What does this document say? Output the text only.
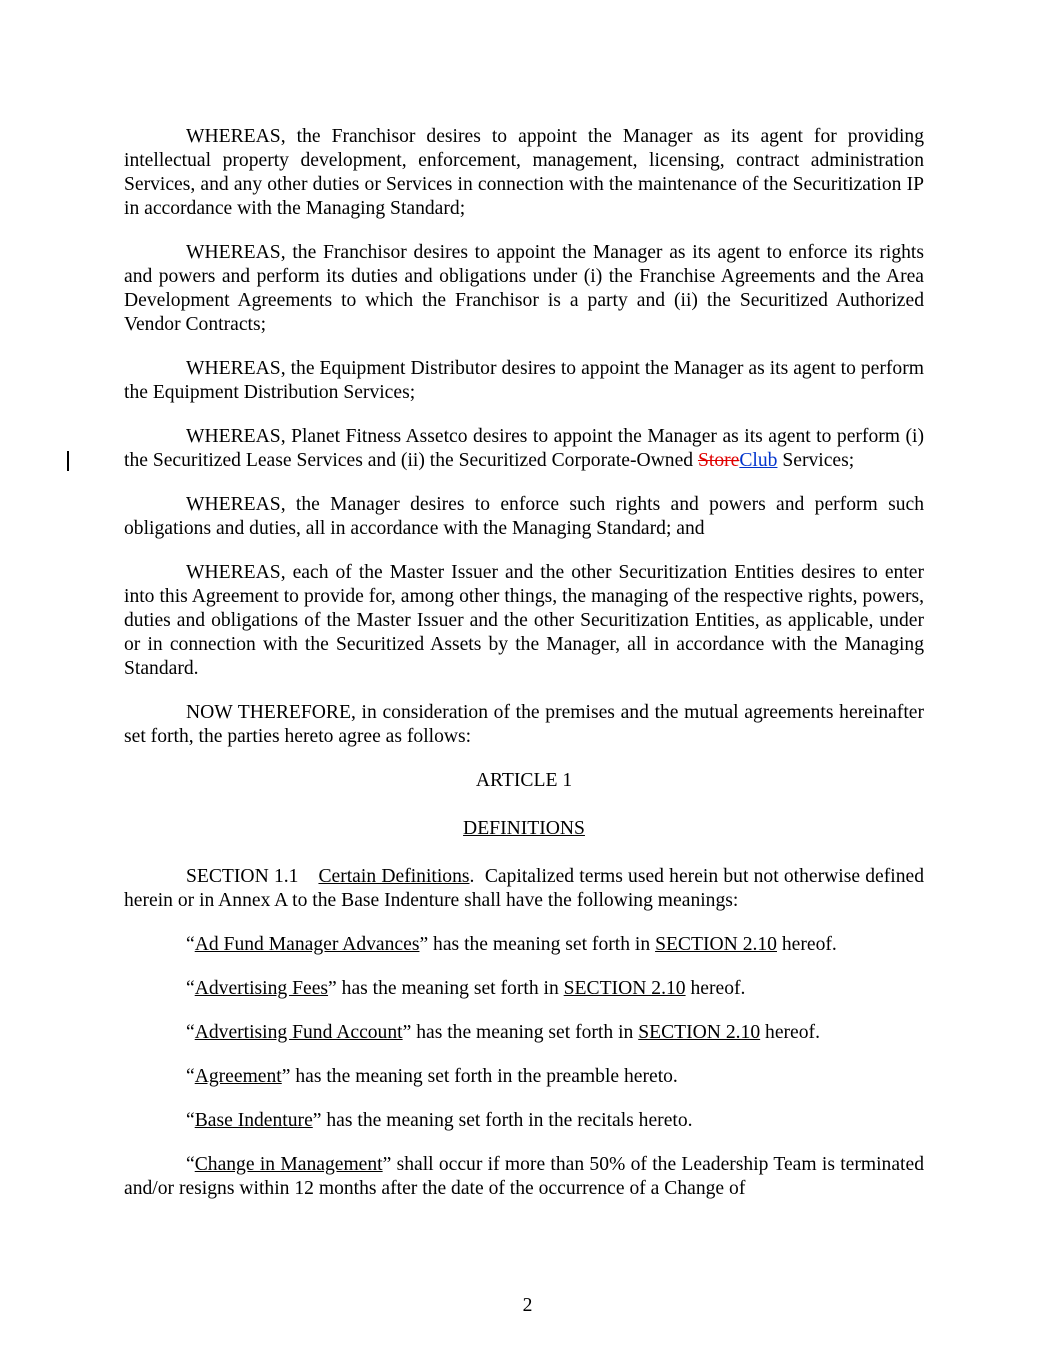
WHEREAS, the Franchisor desires to appoint the Manager as its agent for providing intellectual property development, enforcement, management, licensing, contract administration Services, and any other duties or Services in connection with the maintenance of the Securitization IP in accordance with the Managing Standard;

WHEREAS, the Franchisor desires to appoint the Manager as its agent to enforce its rights and powers and perform its duties and obligations under (i) the Franchise Agreements and the Area Development Agreements to which the Franchisor is a party and (ii) the Securitized Authorized Vendor Contracts;

WHEREAS, the Equipment Distributor desires to appoint the Manager as its agent to perform the Equipment Distribution Services;

WHEREAS, Planet Fitness Assetco desires to appoint the Manager as its agent to perform (i) the Securitized Lease Services and (ii) the Securitized Corporate-Owned StoreClub Services;

WHEREAS, the Manager desires to enforce such rights and powers and perform such obligations and duties, all in accordance with the Managing Standard; and

WHEREAS, each of the Master Issuer and the other Securitization Entities desires to enter into this Agreement to provide for, among other things, the managing of the respective rights, powers, duties and obligations of the Master Issuer and the other Securitization Entities, as applicable, under or in connection with the Securitized Assets by the Manager, all in accordance with the Managing Standard.

NOW THEREFORE, in consideration of the premises and the mutual agreements hereinafter set forth, the parties hereto agree as follows:

ARTICLE 1

DEFINITIONS

SECTION 1.1 Certain Definitions. Capitalized terms used herein but not otherwise defined herein or in Annex A to the Base Indenture shall have the following meanings:

“Ad Fund Manager Advances” has the meaning set forth in SECTION 2.10 hereof.

“Advertising Fees” has the meaning set forth in SECTION 2.10 hereof.

“Advertising Fund Account” has the meaning set forth in SECTION 2.10 hereof.

“Agreement” has the meaning set forth in the preamble hereto.

“Base Indenture” has the meaning set forth in the recitals hereto.

“Change in Management” shall occur if more than 50% of the Leadership Team is terminated and/or resigns within 12 months after the date of the occurrence of a Change of

2
